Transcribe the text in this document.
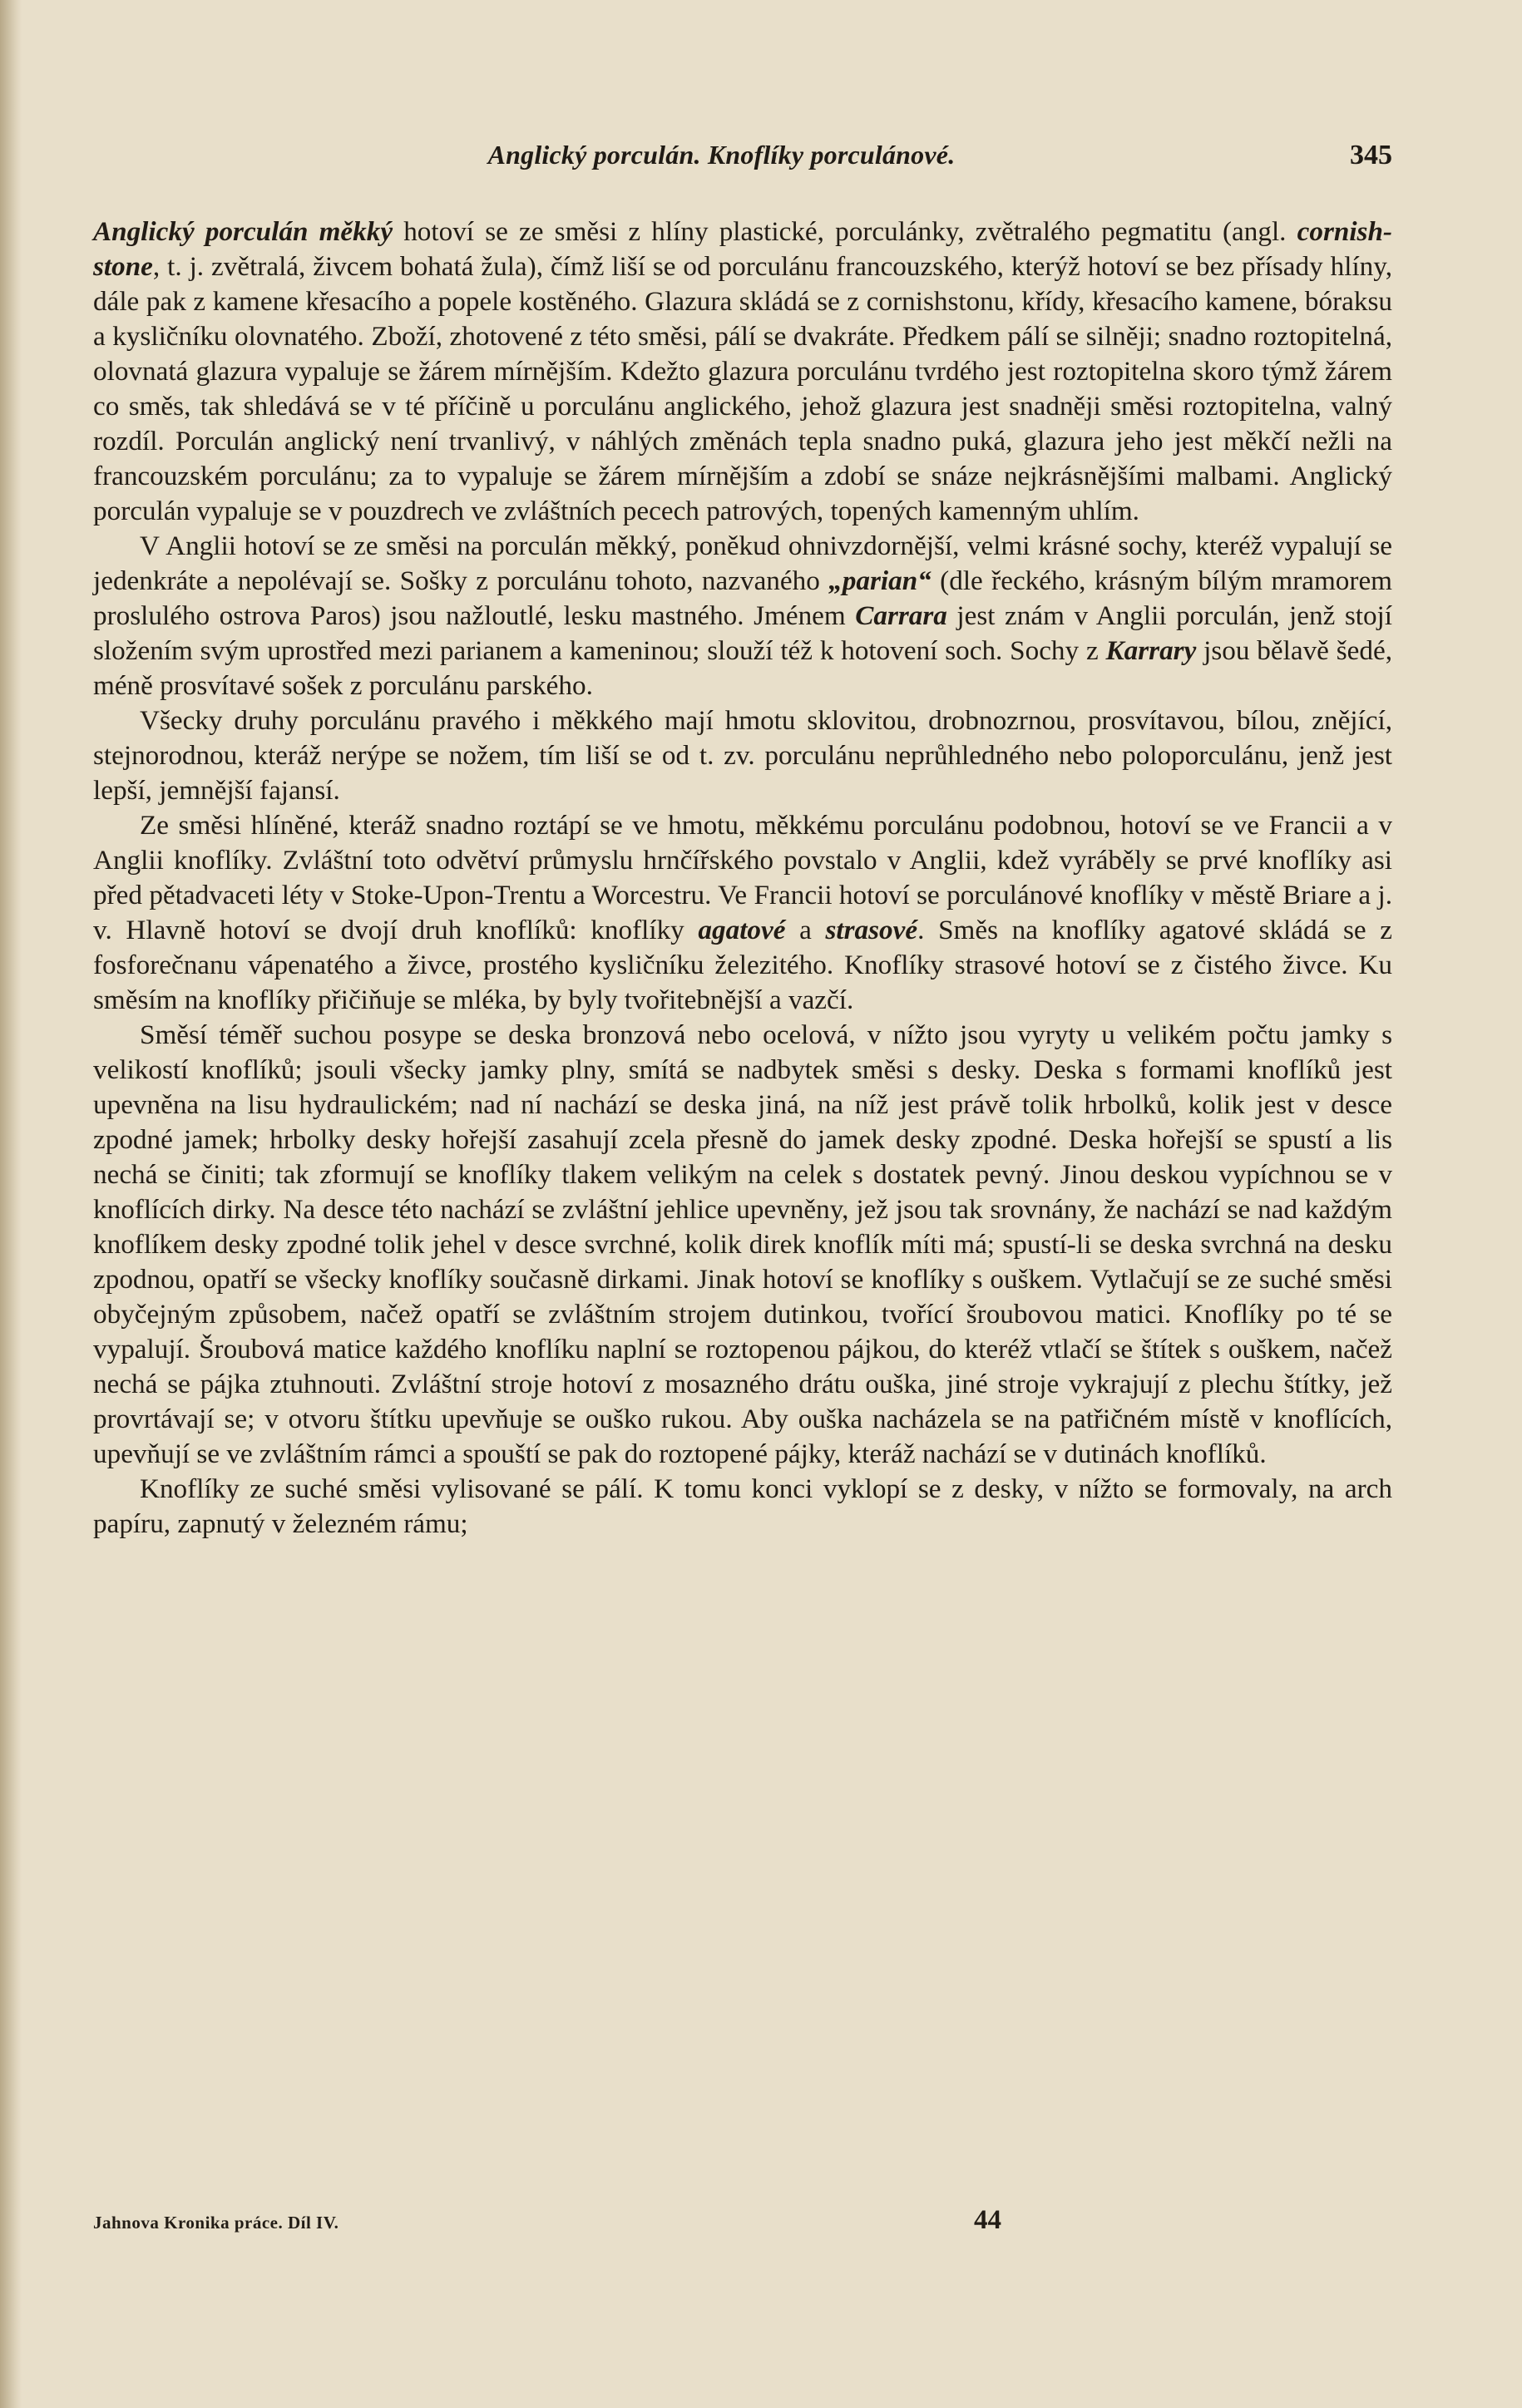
Anglický porculán. Knoflíky porculánové.	345

Anglický porculán měkký hotoví se ze směsi z hlíny plastické, porculánky, zvětralého pegmatitu (angl. cornish-stone, t. j. zvětralá, živcem bohatá žula), čímž liší se od porculánu francouzského, kterýž hotoví se bez přísady hlíny, dále pak z kamene křesacího a popele kostěného. Glazura skládá se z cornishstonu, křídy, křesacího kamene, bóraksu a kysličníku olovnatého. Zboží, zhotovené z této směsi, pálí se dvakráte. Předkem pálí se silněji; snadno roztopitelná, olovnatá glazura vypaluje se žárem mírnějším. Kdežto glazura porculánu tvrdého jest roztopitelna skoro týmž žárem co směs, tak shledává se v té příčině u porculánu anglického, jehož glazura jest snadněji směsi roztopitelna, valný rozdíl. Porculán anglický není trvanlivý, v náhlých změnách tepla snadno puká, glazura jeho jest měkčí nežli na francouzském porculánu; za to vypaluje se žárem mírnějším a zdobí se snáze nejkrásnějšími malbami. Anglický porculán vypaluje se v pouzdrech ve zvláštních pecech patrových, topených kamenným uhlím.

V Anglii hotoví se ze směsi na porculán měkký, poněkud ohnivzdornější, velmi krásné sochy, kteréž vypalují se jedenkráte a nepolévají se. Sošky z porculánu tohoto, nazvaného „parian“ (dle řeckého, krásným bílým mramorem proslulého ostrova Paros) jsou nažloutlé, lesku mastného. Jménem Carrara jest znám v Anglii porculán, jenž stojí složením svým uprostřed mezi parianem a kameninou; slouží též k hotovení soch. Sochy z Karrary jsou bělavě šedé, méně prosvítavé sošek z porculánu parského.

Všecky druhy porculánu pravého i měkkého mají hmotu sklovitou, drobnozrnou, prosvítavou, bílou, znějící, stejnorodnou, kteráž nerýpe se nožem, tím liší se od t. zv. porculánu neprůhledného nebo poloporculánu, jenž jest lepší, jemnější fajansí.

Ze směsi hlíněné, kteráž snadno roztápí se ve hmotu, měkkému porculánu podobnou, hotoví se ve Francii a v Anglii knoflíky. Zvláštní toto odvětví průmyslu hrnčířského povstalo v Anglii, kdež vyráběly se prvé knoflíky asi před pětadvaceti léty v Stoke-Upon-Trentu a Worcestru. Ve Francii hotoví se porculánové knoflíky v městě Briare a j. v. Hlavně hotoví se dvojí druh knoflíků: knoflíky agatové a strasové. Směs na knoflíky agatové skládá se z fosforečnanu vápenatého a živce, prostého kysličníku železitého. Knoflíky strasové hotoví se z čistého živce. Ku směsím na knoflíky přičiňuje se mléka, by byly tvořitebnější a vazčí.

Směsí téměř suchou posype se deska bronzová nebo ocelová, v nížto jsou vyryty u velikém počtu jamky s velikostí knoflíků; jsouli všecky jamky plny, smítá se nadbytek směsi s desky. Deska s formami knoflíků jest upevněna na lisu hydraulickém; nad ní nachází se deska jiná, na níž jest právě tolik hrbolků, kolik jest v desce zpodné jamek; hrbolky desky hořejší zasahují zcela přesně do jamek desky zpodné. Deska hořejší se spustí a lis nechá se činiti; tak zformují se knoflíky tlakem velikým na celek s dostatek pevný. Jinou deskou vypíchnou se v knoflících dirky. Na desce této nachází se zvláštní jehlice upevněny, jež jsou tak srovnány, že nachází se nad každým knoflíkem desky zpodné tolik jehel v desce svrchné, kolik direk knoflík míti má; spustí-li se deska svrchná na desku zpodnou, opatří se všecky knoflíky současně dirkami. Jinak hotoví se knoflíky s ouškem. Vytlačují se ze suché směsi obyčejným způsobem, načež opatří se zvláštním strojem dutinkou, tvořící šroubovou matici. Knoflíky po té se vypalují. Šroubová matice každého knoflíku naplní se roztopenou pájkou, do kteréž vtlačí se štítek s ouškem, načež nechá se pájka ztuhnouti. Zvláštní stroje hotoví z mosazného drátu ouška, jiné stroje vykrajují z plechu štítky, jež provrtávají se; v otvoru štítku upevňuje se ouško rukou. Aby ouška nacházela se na patřičném místě v knoflících, upevňují se ve zvláštním rámci a spouští se pak do roztopené pájky, kteráž nachází se v dutinách knoflíků.

Knoflíky ze suché směsi vylisované se pálí. K tomu konci vyklopí se z desky, v nížto se formovaly, na arch papíru, zapnutý v železném rámu;

Jahnova Kronika práce. Díl IV.	44
